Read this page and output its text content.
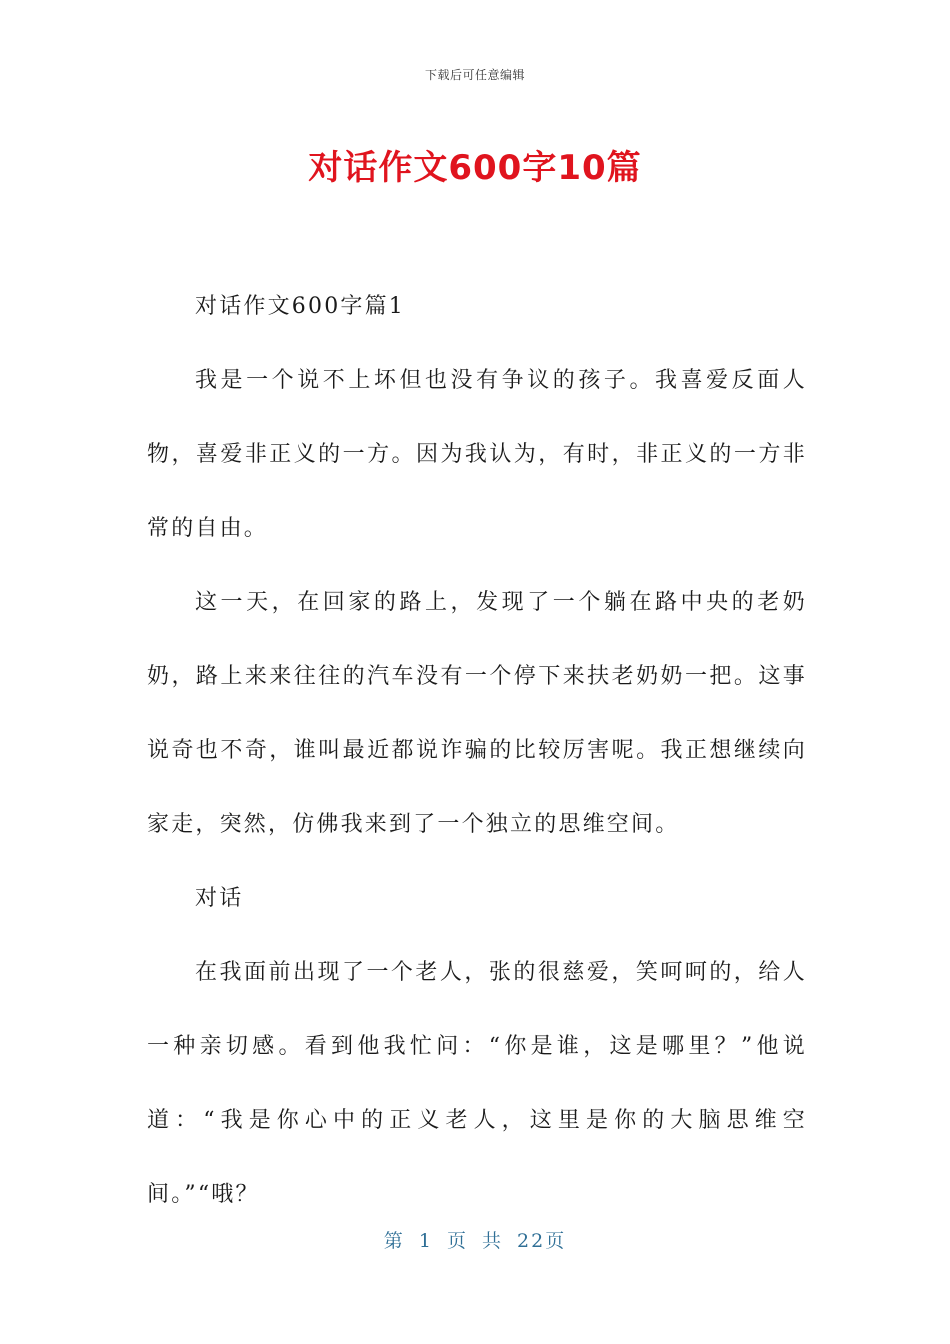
下载后可任意编辑
对话作文600字10篇

对话作文600字篇1

我是一个说不上坏但也没有争议的孩子。我喜爱反面人物，喜爱非正义的一方。因为我认为，有时，非正义的一方非常的自由。

这一天，在回家的路上，发现了一个躺在路中央的老奶奶，路上来来往往的汽车没有一个停下来扶老奶奶一把。这事说奇也不奇，谁叫最近都说诈骗的比较厉害呢。我正想继续向家走，突然，仿佛我来到了一个独立的思维空间。

对话

在我面前出现了一个老人，张的很慈爱，笑呵呵的，给人一种亲切感。看到他我忙问：“你是谁，这是哪里？”他说道：“我是你心中的正义老人，这里是你的大脑思维空间。”“哦？

第 1 页 共 22页
